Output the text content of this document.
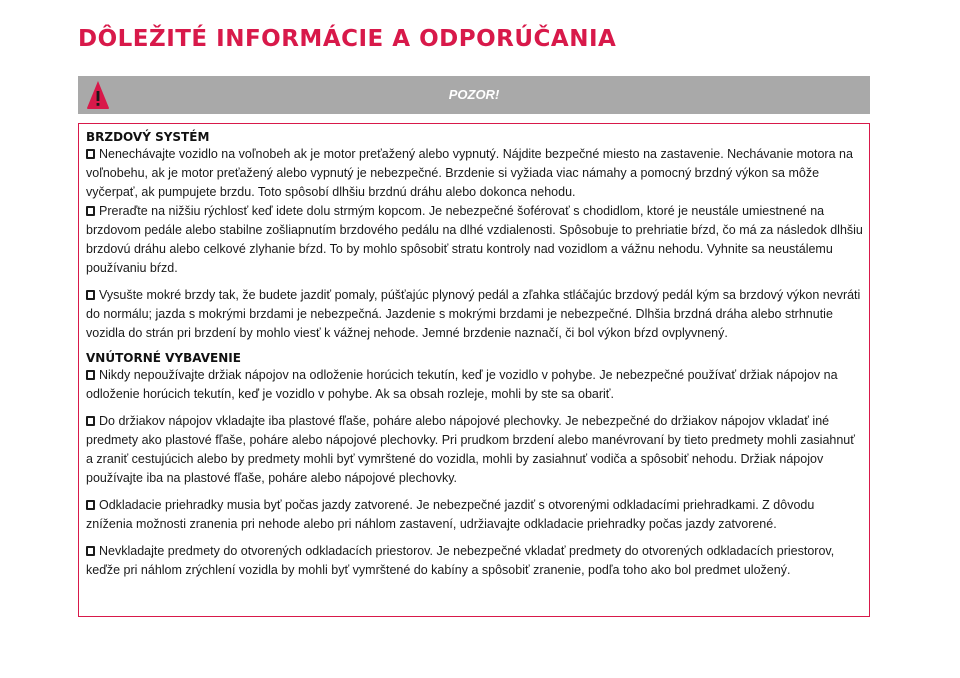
DÔLEŽITÉ INFORMÁCIE A ODPORÚČANIA
POZOR!
BRZDOVÝ SYSTÉM

Nenechávajte vozidlo na voľnobeh ak je motor preťažený alebo vypnutý. Nájdite bezpečné miesto na zastavenie. Nechávanie motora na voľnobehu, ak je motor preťažený alebo vypnutý je nebezpečné. Brzdenie si vyžiada viac námahy a pomocný brzdný výkon sa môže vyčerpať, ak pumpujete brzdu. Toto spôsobí dlhšiu brzdnú dráhu alebo dokonca nehodu.

Preraďte na nižšiu rýchlosť keď idete dolu strmým kopcom. Je nebezpečné šoférovať s chodidlom, ktoré je neustále umiestnené na brzdovom pedále alebo stabilne zošliapnutím brzdového pedálu na dlhé vzdialenosti. Spôsobuje to prehriatie bŕzd, čo má za následok dlhšiu brzdovú dráhu alebo celkové zlyhanie bŕzd. To by mohlo spôsobiť stratu kontroly nad vozidlom a vážnu nehodu. Vyhnite sa neustálemu používaniu bŕzd.

Vysušte mokré brzdy tak, že budete jazdiť pomaly, púšťajúc plynový pedál a zľahka stláčajúc brzdový pedál kým sa brzdový výkon nevráti do normálu; jazda s mokrými brzdami je nebezpečná. Jazdenie s mokrými brzdami je nebezpečné. Dlhšia brzdná dráha alebo strhnutie vozidla do strán pri brzdení by mohlo viesť k vážnej nehode. Jemné brzdenie naznačí, či bol výkon bŕzd ovplyvnený.

VNÚTORNÉ VYBAVENIE

Nikdy nepoužívajte držiak nápojov na odloženie horúcich tekutín, keď je vozidlo v pohybe. Je nebezpečné používať držiak nápojov na odloženie horúcich tekutín, keď je vozidlo v pohybe. Ak sa obsah rozleje, mohli by ste sa obariť.

Do držiakov nápojov vkladajte iba plastové fľaše, poháre alebo nápojové plechovky. Je nebezpečné do držiakov nápojov vkladať iné predmety ako plastové fľaše, poháre alebo nápojové plechovky. Pri prudkom brzdení alebo manévrovaní by tieto predmety mohli zasiahnuť a zraniť cestujúcich alebo by predmety mohli byť vymrštené do vozidla, mohli by zasiahnuť vodiča a spôsobiť nehodu. Držiak nápojov používajte iba na plastové fľaše, poháre alebo nápojové plechovky.

Odkladacie priehradky musia byť počas jazdy zatvorené. Je nebezpečné jazdiť s otvorenými odkladacími priehradkami. Z dôvodu zníženia možnosti zranenia pri nehode alebo pri náhlom zastavení, udržiavajte odkladacie priehradky počas jazdy zatvorené.

Nevkladajte predmety do otvorených odkladacích priestorov. Je nebezpečné vkladať predmety do otvorených odkladacích priestorov, keďže pri náhlom zrýchlení vozidla by mohli byť vymrštené do kabíny a spôsobiť zranenie, podľa toho ako bol predmet uložený.
